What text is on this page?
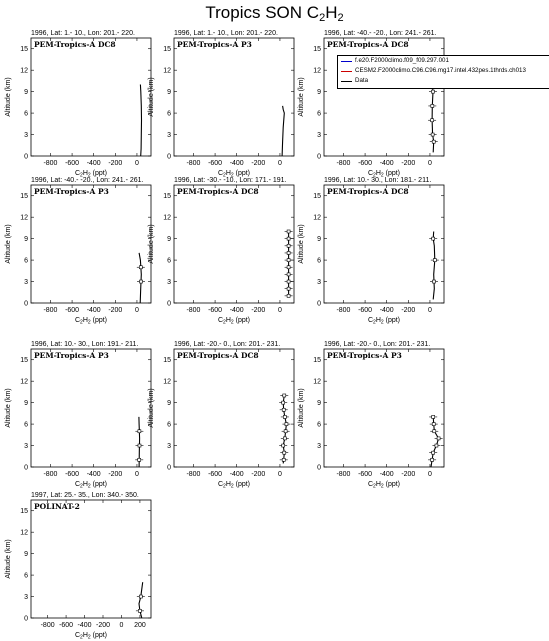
Tropics SON $C_2H_2$
1996, Lat: 1.- 10., Lon: 201.- 220.
PEM-Tropics-A DC8
0
3
6
9
12
15
-800 -600 -400 -200 0
$C_2H_2$ (ppt)
Altitude (km)
1996, Lat: 1.- 10., Lon: 201.- 220.
PEM-Tropics-A P3
0
3
6
9
12
15
-800 -600 -400 -200 0
$C_2H_2$ (ppt)
Altitude (km)
1996, Lat: -40.- -20., Lon: 241.- 261.
PEM-Tropics-A DC8
0
3
6
9
12
15
-800 -600 -400 -200 0
$C_2H_2$ (ppt)
Altitude (km)
1996, Lat: -40.- -20., Lon: 241.- 261.
PEM-Tropics-A P3
0
3
6
9
12
15
-800 -600 -400 -200 0
$C_2H_2$ (ppt)
Altitude (km)
1996, Lat: -30.- -10., Lon: 171.- 191.
PEM-Tropics-A DC8
0
3
6
9
12
15
-800 -600 -400 -200 0
$C_2H_2$ (ppt)
Altitude (km)
1996, Lat: 10.- 30., Lon: 181.- 211.
PEM-Tropics-A DC8
0
3
6
9
12
15
-800 -600 -400 -200 0
$C_2H_2$ (ppt)
Altitude (km)
1996, Lat: 10.- 30., Lon: 191.- 211.
PEM-Tropics-A P3
0
3
6
9
12
15
-800 -600 -400 -200 0
$C_2H_2$ (ppt)
Altitude (km)
1996, Lat: -20.- 0., Lon: 201.- 231.
PEM-Tropics-A DC8
0
3
6
9
12
15
-800 -600 -400 -200 0
$C_2H_2$ (ppt)
Altitude (km)
1996, Lat: -20.- 0., Lon: 201.- 231.
PEM-Tropics-A P3
0
3
6
9
12
15
-800 -600 -400 -200 0
$C_2H_2$ (ppt)
Altitude (km)
1997, Lat: 25.- 35., Lon: 340.- 350.
POLINAT-2
0
3
6
9
12
15
-800 -600 -400 -200 0 200
$C_2H_2$ (ppt)
Altitude (km)
f.e20.F2000climo.f09_f09.297.001
CESM2.F2000climo.C96.C96.mg17.intel.432pes.1thrds.ch013
Data
